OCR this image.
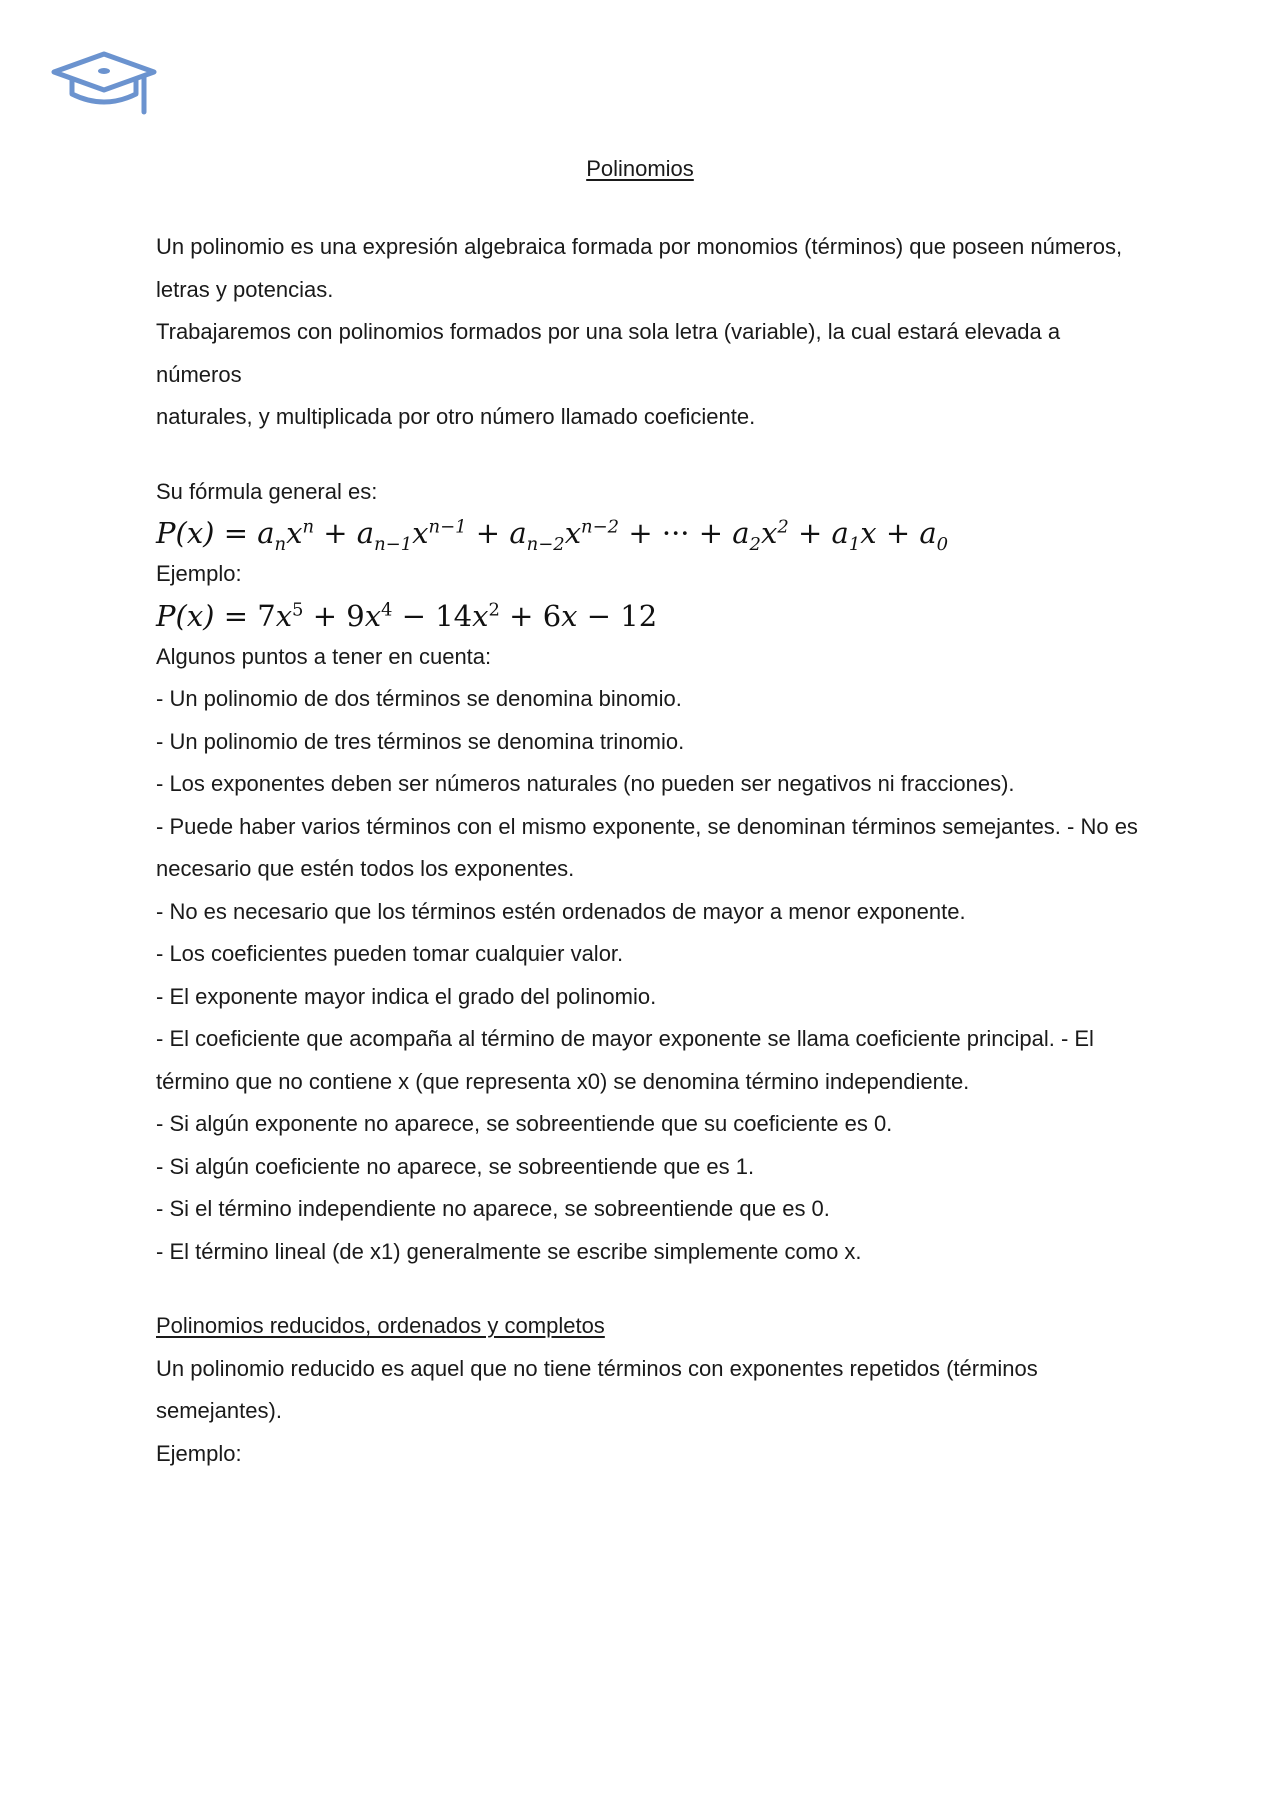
Polinomios

Un polinomio es una expresión algebraica formada por monomios (términos) que poseen números,

letras y potencias.

Trabajaremos con polinomios formados por una sola letra (variable), la cual estará elevada a números

naturales, y multiplicada por otro número llamado coeficiente.

Su fórmula general es:

$P(x) = a_nx^n + a_{n-1}x^{n-1} + a_{n-2}x^{n-2}$ + ··· + $a_2x^2 + a_1x + a_0$

Ejemplo:

$P(x) = 7x^5 + 9x^4 - 14x^2 + 6x - 12$

Algunos puntos a tener en cuenta:

- Un polinomio de dos términos se denomina binomio.

- Un polinomio de tres términos se denomina trinomio.

- Los exponentes deben ser números naturales (no pueden ser negativos ni fracciones).

- Puede haber varios términos con el mismo exponente, se denominan términos semejantes. - No es

necesario que estén todos los exponentes.

- No es necesario que los términos estén ordenados de mayor a menor exponente.

- Los coeficientes pueden tomar cualquier valor.

- El exponente mayor indica el grado del polinomio.

- El coeficiente que acompaña al término de mayor exponente se llama coeficiente principal. - El

término que no contiene x (que representa x0) se denomina término independiente.

- Si algún exponente no aparece, se sobreentiende que su coeficiente es 0.

- Si algún coeficiente no aparece, se sobreentiende que es 1.

- Si el término independiente no aparece, se sobreentiende que es 0.

- El término lineal (de x1) generalmente se escribe simplemente como x.

Polinomios reducidos, ordenados y completos

Un polinomio reducido es aquel que no tiene términos con exponentes repetidos (términos

semejantes).

Ejemplo:
